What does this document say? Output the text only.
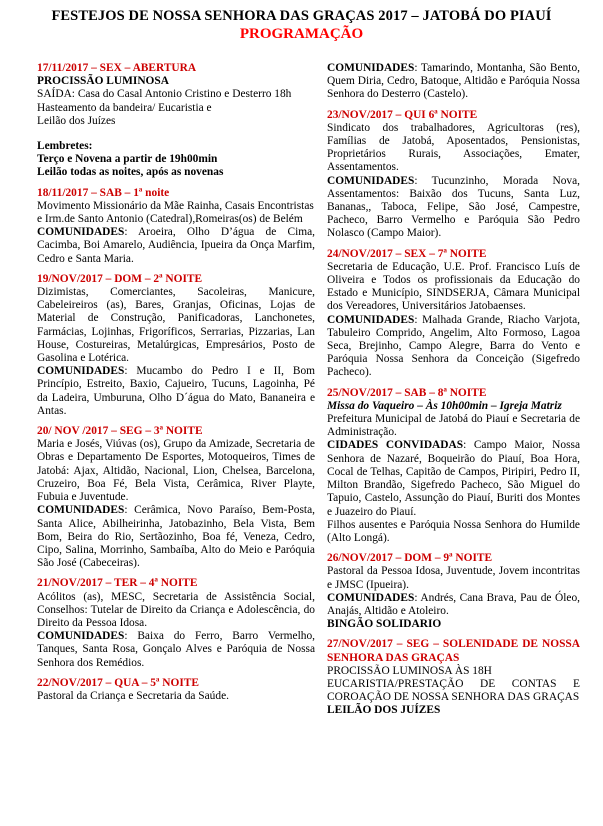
FESTEJOS DE NOSSA SENHORA DAS GRAÇAS 2017 – JATOBÁ DO PIAUÍ
PROGRAMAÇÃO

17/11/2017 – SEX – ABERTURA

PROCISSÃO LUMINOSA

SAÍDA: Casa do Casal Antonio Cristino e Desterro 18h Hasteamento da bandeira/ Eucaristia e

Leilão dos Juízes

Lembretes:

Terço e Novena a partir de 19h00min

Leilão todas as noites, após as novenas

18/11/2017 – SAB – 1ª noite

Movimento Missionário da Mãe Rainha, Casais Encontristas e Irm.de Santo Antonio (Catedral),Romeiras(os) de Belém

COMUNIDADES: Aroeira, Olho D’água de Cima, Cacimba, Boi Amarelo, Audiência, Ipueira da Onça Marfim, Cedro e Santa Maria.

19/NOV/2017 – DOM – 2ª NOITE

Dizimistas, Comerciantes, Sacoleiras, Manicure, Cabeleireiros (as), Bares, Granjas, Oficinas, Lojas de Material de Construção, Panificadoras, Lanchonetes, Farmácias, Lojinhas, Frigoríficos, Serrarias, Pizzarias, Lan House, Costureiras, Metalúrgicas, Empresários, Posto de Gasolina e Lotérica.

COMUNIDADES: Mucambo do Pedro I e II, Bom Princípio, Estreito, Baxio, Cajueiro, Tucuns, Lagoinha, Pé da Ladeira, Umburuna, Olho D´água do Mato, Bananeira e Antas.

20/ NOV /2017 – SEG – 3ª NOITE

Maria e Josés, Viúvas (os), Grupo da Amizade, Secretaria de Obras e Departamento De Esportes, Motoqueiros, Times de Jatobá: Ajax, Altidão, Nacional, Lion, Chelsea, Barcelona, Cruzeiro, Boa Fé, Bela Vista, Cerâmica, River Playte, Fubuia e Juventude.

COMUNIDADES: Cerâmica, Novo Paraíso, Bem-Posta, Santa Alice, Abilheirinha, Jatobazinho, Bela Vista, Bem Bom, Beira do Rio, Sertãozinho, Boa fé, Veneza, Cedro, Cipo, Salina, Morrinho, Sambaíba, Alto do Meio e Paróquia São José (Cabeceiras).

21/NOV/2017 – TER – 4ª NOITE

Acólitos (as), MESC, Secretaria de Assistência Social, Conselhos: Tutelar de Direito da Criança e Adolescência, do Direito da Pessoa Idosa.

COMUNIDADES: Baixa do Ferro, Barro Vermelho, Tanques, Santa Rosa, Gonçalo Alves e Paróquia de Nossa Senhora dos Remédios.

22/NOV/2017 – QUA – 5ª NOITE

Pastoral da Criança e Secretaria da Saúde.

COMUNIDADES: Tamarindo, Montanha, São Bento, Quem Diria, Cedro, Batoque, Altidão e Paróquia Nossa Senhora do Desterro (Castelo).

23/NOV/2017 – QUI 6ª NOITE

Sindicato dos trabalhadores, Agricultoras (res), Famílias de Jatobá, Aposentados, Pensionistas, Proprietários Rurais, Associações, Emater, Assentamentos.

COMUNIDADES: Tucunzinho, Morada Nova, Assentamentos: Baixão dos Tucuns, Santa Luz, Bananas,, Taboca, Felipe, São José, Campestre, Pacheco, Barro Vermelho e Paróquia São Pedro Nolasco (Campo Maior).

24/NOV/2017 – SEX – 7ª NOITE

Secretaria de Educação, U.E. Prof. Francisco Luís de Oliveira e Todos os profissionais da Educação do Estado e Município, SINDSERJA, Câmara Municipal dos Vereadores, Universitários Jatobaenses.

COMUNIDADES: Malhada Grande, Riacho Varjota, Tabuleiro Comprido, Angelim, Alto Formoso, Lagoa Seca, Brejinho, Campo Alegre, Barra do Vento e Paróquia Nossa Senhora da Conceição (Sigefredo Pacheco).

25/NOV/2017 – SAB – 8ª NOITE

Missa do Vaqueiro – Às 10h00min – Igreja Matriz

Prefeitura Municipal de Jatobá do Piauí e Secretaria de Administração.

CIDADES CONVIDADAS: Campo Maior, Nossa Senhora de Nazaré, Boqueirão do Piauí, Boa Hora, Cocal de Telhas, Capitão de Campos, Piripiri, Pedro II, Milton Brandão, Sigefredo Pacheco, São Miguel do Tapuio, Castelo, Assunção do Piauí, Buriti dos Montes e Juazeiro do Piauí.

Filhos ausentes e Paróquia Nossa Senhora do Humilde (Alto Longá).

26/NOV/2017 – DOM – 9ª NOITE

Pastoral da Pessoa Idosa, Juventude, Jovem incontritas e JMSC (Ipueira).

COMUNIDADES: Andrés, Cana Brava, Pau de Óleo, Anajás, Altidão e Atoleiro.

BINGÃO SOLIDARIO

27/NOV/2017 – SEG – SOLENIDADE DE NOSSA SENHORA DAS GRAÇAS

PROCISSÃO LUMINOSA ÀS 18H

EUCARISTIA/PRESTAÇÃO DE CONTAS E COROAÇÃO DE NOSSA SENHORA DAS GRAÇAS

LEILÃO DOS JUÍZES
